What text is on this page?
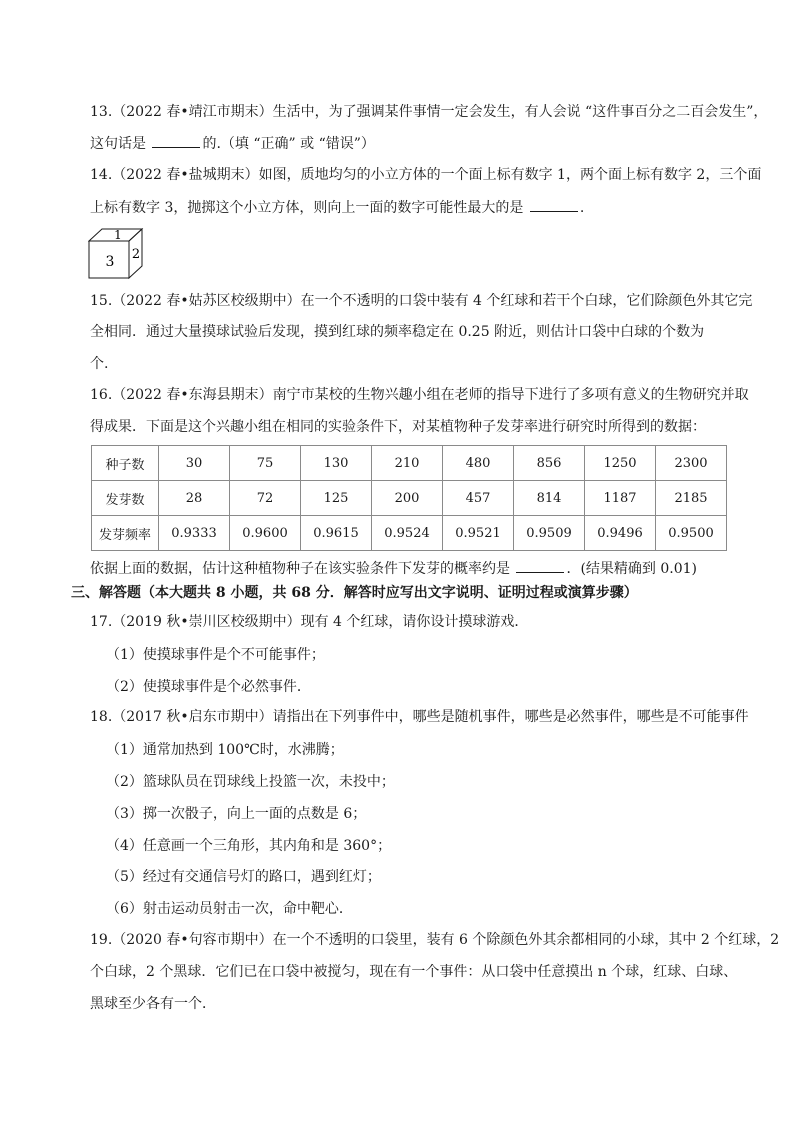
13.（2022 春•靖江市期末）生活中，为了强调某件事情一定会发生，有人会说 “这件事百分之二百会发生”，
这句话是	的.（填 “正确” 或 “错误”）
14.（2022 春•盐城期末）如图，质地均匀的小立方体的一个面上标有数字 1，两个面上标有数字 2，三个面
上标有数字 3，抛掷这个小立方体，则向上一面的数字可能性最大的是	.
1
3 2
15.（2022 春•姑苏区校级期中）在一个不透明的口袋中装有 4 个红球和若干个白球，它们除颜色外其它完
全相同．通过大量摸球试验后发现，摸到红球的频率稳定在 0.25 附近，则估计口袋中白球的个数为
个.
16.（2022 春•东海县期末）南宁市某校的生物兴趣小组在老师的指导下进行了多项有意义的生物研究并取
得成果．下面是这个兴趣小组在相同的实验条件下，对某植物种子发芽率进行研究时所得到的数据：
种子数	30	75	130	210	480	856	1250	2300
发芽数	28	72	125	200	457	814	1187	2185
发芽频率	0.9333	0.9600	0.9615	0.9524	0.9521	0.9509	0.9496	0.9500
依据上面的数据，估计这种植物种子在该实验条件下发芽的概率约是	．(结果精确到 0.01)
三、解答题（本大题共 8 小题，共 68 分．解答时应写出文字说明、证明过程或演算步骤）
17.（2019 秋•崇川区校级期中）现有 4 个红球，请你设计摸球游戏．
（1）使摸球事件是个不可能事件；
（2）使摸球事件是个必然事件．
18.（2017 秋•启东市期中）请指出在下列事件中，哪些是随机事件，哪些是必然事件，哪些是不可能事件
（1）通常加热到 100℃时，水沸腾；
（2）篮球队员在罚球线上投篮一次，未投中；
（3）掷一次骰子，向上一面的点数是 6；
（4）任意画一个三角形，其内角和是 360°；
（5）经过有交通信号灯的路口，遇到红灯；
（6）射击运动员射击一次，命中靶心．
19.（2020 春•句容市期中）在一个不透明的口袋里，装有 6 个除颜色外其余都相同的小球，其中 2 个红球，2
个白球，2 个黑球．它们已在口袋中被搅匀，现在有一个事件：从口袋中任意摸出 n 个球，红球、白球、
黑球至少各有一个．
